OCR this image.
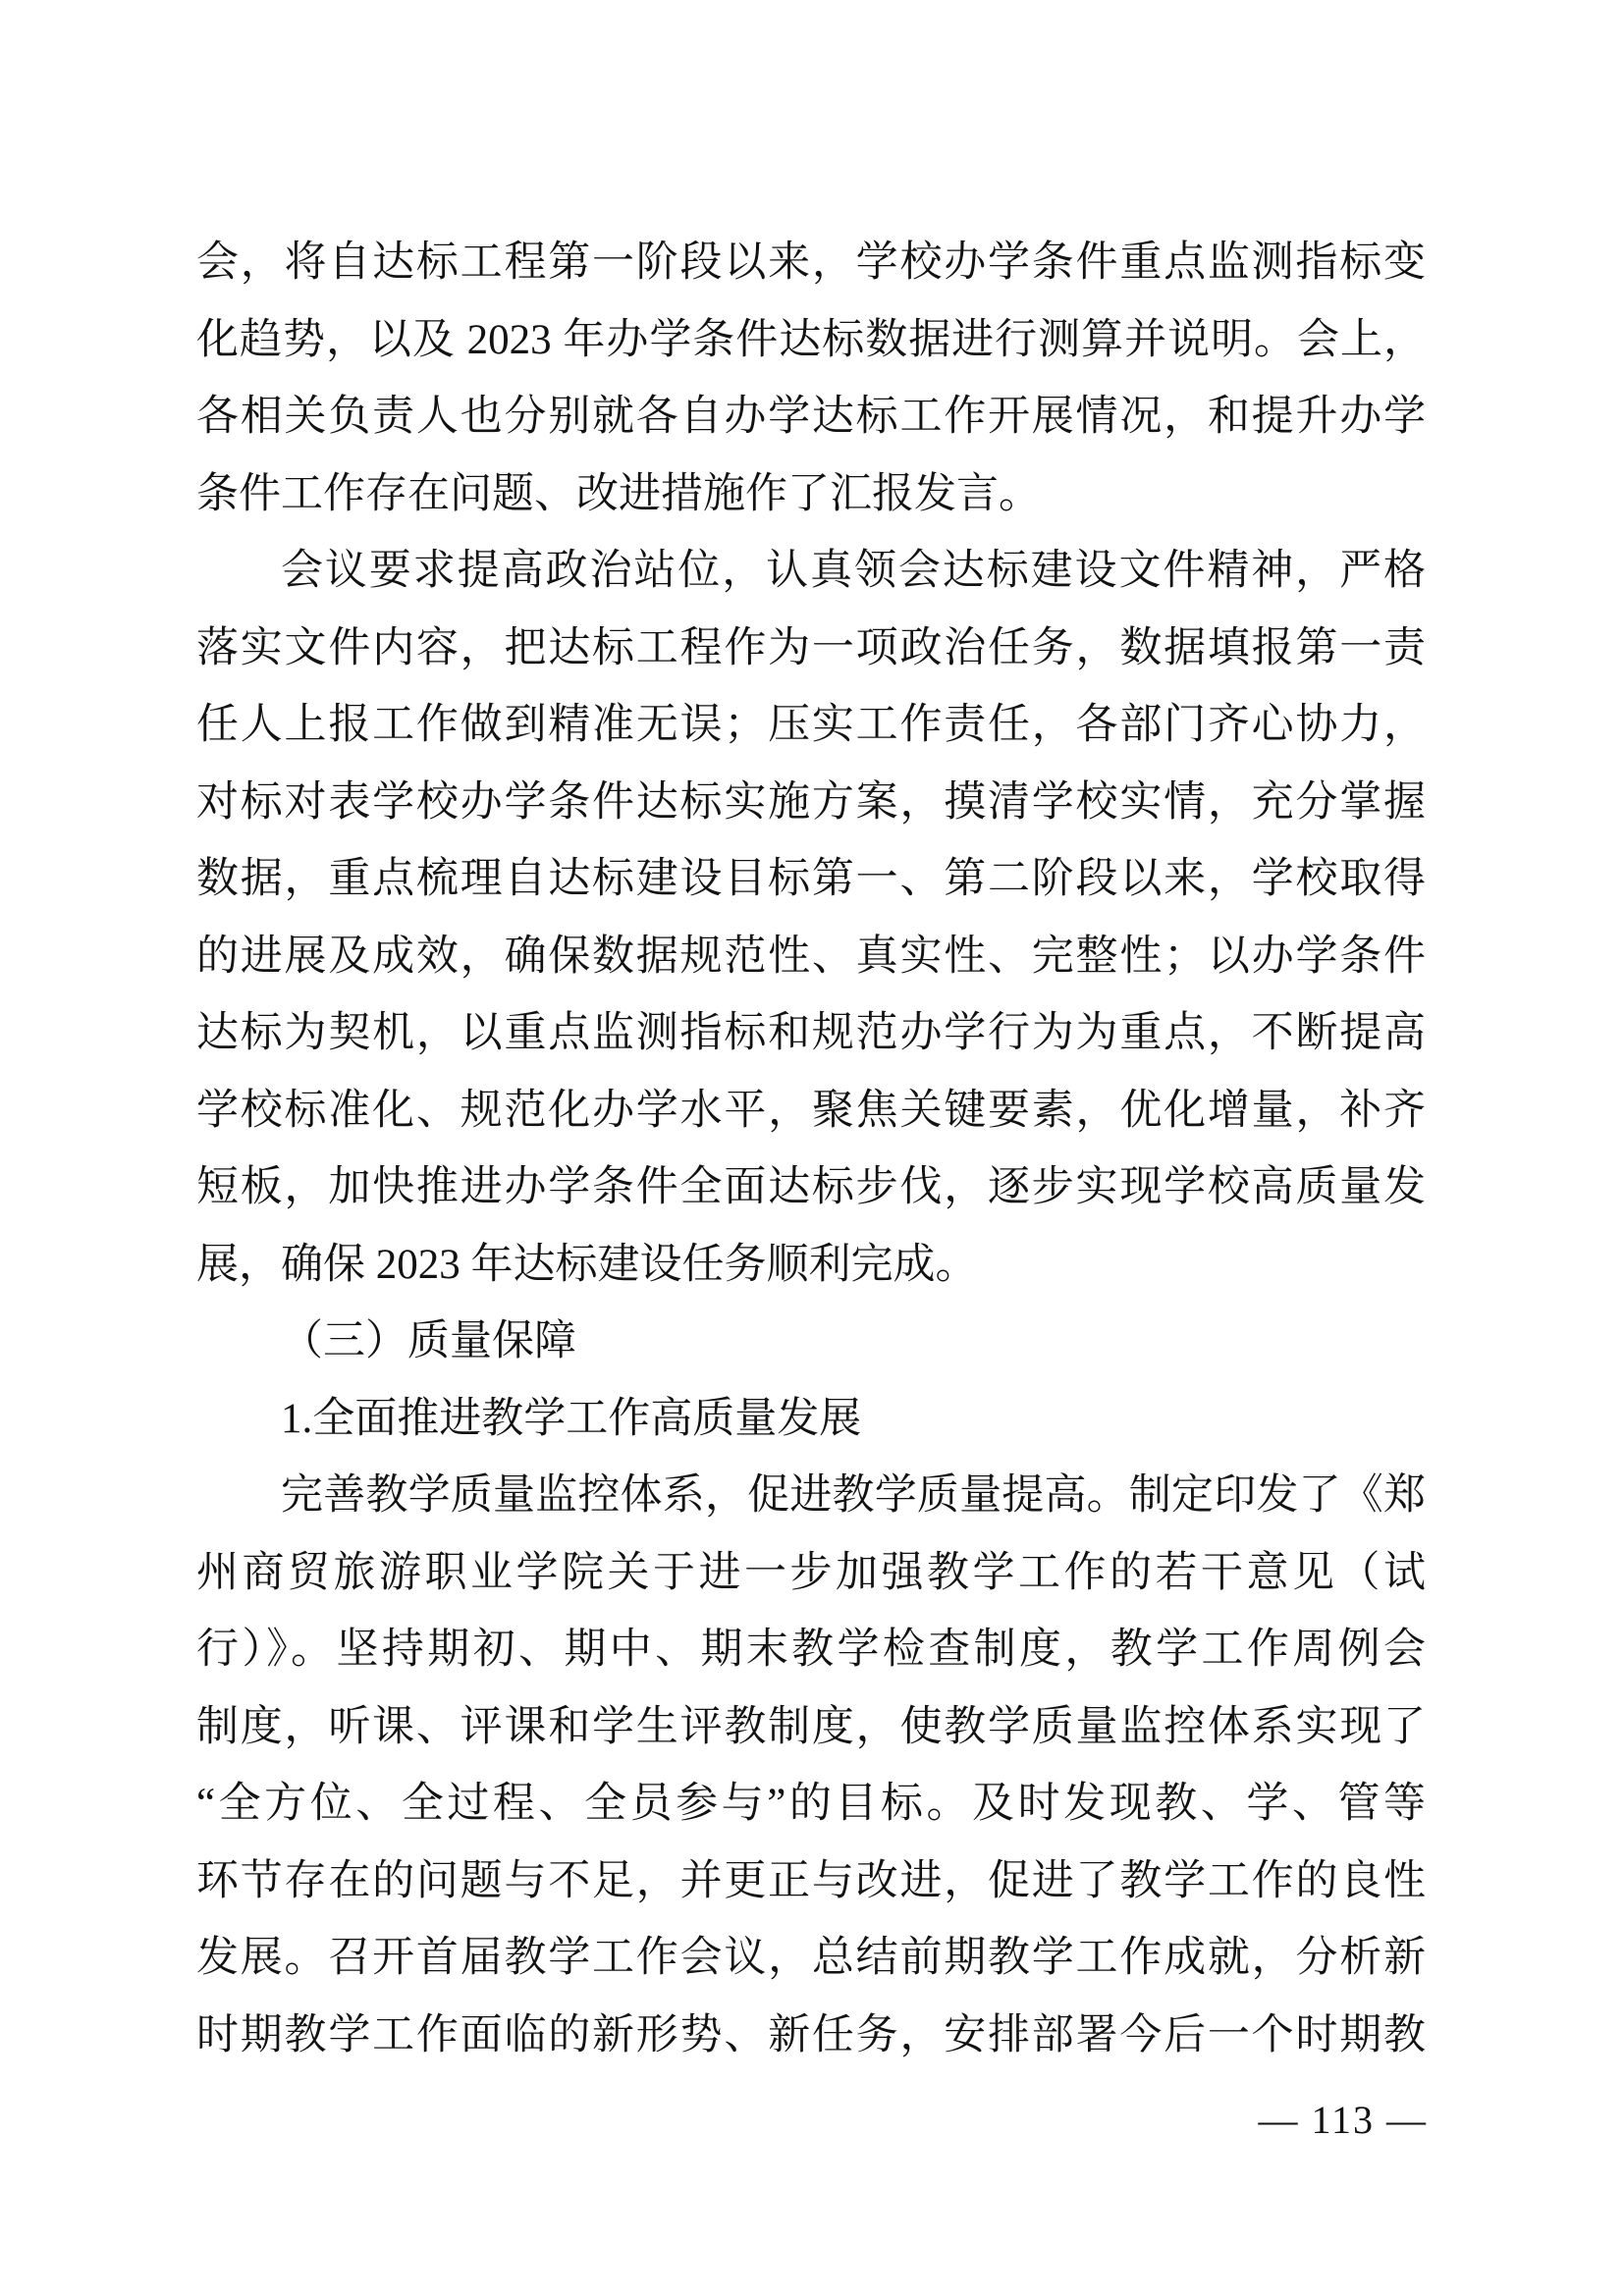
会，将自达标工程第一阶段以来，学校办学条件重点监测指标变
化趋势，以及 2023 年办学条件达标数据进行测算并说明。会上，
各相关负责人也分别就各自办学达标工作开展情况，和提升办学
条件工作存在问题、改进措施作了汇报发言。
会议要求提高政治站位，认真领会达标建设文件精神，严格
落实文件内容，把达标工程作为一项政治任务，数据填报第一责
任人上报工作做到精准无误；压实工作责任，各部门齐心协力，
对标对表学校办学条件达标实施方案，摸清学校实情，充分掌握
数据，重点梳理自达标建设目标第一、第二阶段以来，学校取得
的进展及成效，确保数据规范性、真实性、完整性；以办学条件
达标为契机，以重点监测指标和规范办学行为为重点，不断提高
学校标准化、规范化办学水平，聚焦关键要素，优化增量，补齐
短板，加快推进办学条件全面达标步伐，逐步实现学校高质量发
展，确保 2023 年达标建设任务顺利完成。
（三）质量保障
1.全面推进教学工作高质量发展
完善教学质量监控体系，促进教学质量提高。制定印发了《郑
州商贸旅游职业学院关于进一步加强教学工作的若干意见（试
行）》。坚持期初、期中、期末教学检查制度，教学工作周例会
制度，听课、评课和学生评教制度，使教学质量监控体系实现了
“全方位、全过程、全员参与”的目标。及时发现教、学、管等
环节存在的问题与不足，并更正与改进，促进了教学工作的良性
发展。召开首届教学工作会议，总结前期教学工作成就，分析新
时期教学工作面临的新形势、新任务，安排部署今后一个时期教
— 113 —
